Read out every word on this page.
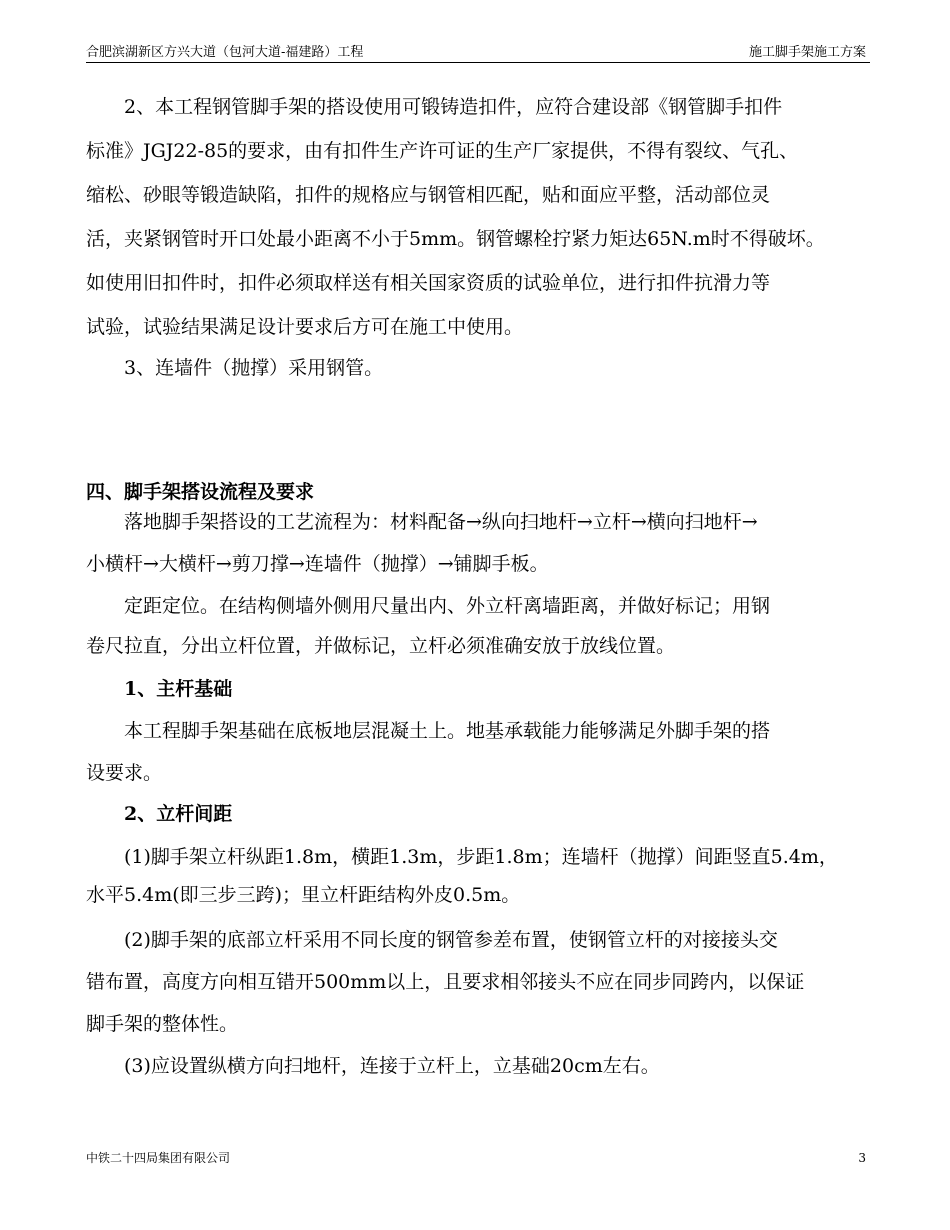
合肥滨湖新区方兴大道（包河大道-福建路）工程	施工脚手架施工方案
　　2、本工程钢管脚手架的搭设使用可锻铸造扣件，应符合建设部《钢管脚手扣件
标准》JGJ22-85的要求，由有扣件生产许可证的生产厂家提供，不得有裂纹、气孔、
缩松、砂眼等锻造缺陷，扣件的规格应与钢管相匹配，贴和面应平整，活动部位灵
活，夹紧钢管时开口处最小距离不小于5mm。钢管螺栓拧紧力矩达65N.m时不得破坏。
如使用旧扣件时，扣件必须取样送有相关国家资质的试验单位，进行扣件抗滑力等
试验，试验结果满足设计要求后方可在施工中使用。
　　3、连墙件（抛撑）采用钢管。
四、脚手架搭设流程及要求
　　落地脚手架搭设的工艺流程为：材料配备→纵向扫地杆→立杆→横向扫地杆→
小横杆→大横杆→剪刀撑→连墙件（抛撑）→铺脚手板。
　　定距定位。在结构侧墙外侧用尺量出内、外立杆离墙距离，并做好标记；用钢
卷尺拉直，分出立杆位置，并做标记，立杆必须准确安放于放线位置。
　　1、主杆基础
　　本工程脚手架基础在底板地层混凝土上。地基承载能力能够满足外脚手架的搭
设要求。
　　2、立杆间距
　　(1)脚手架立杆纵距1.8m，横距1.3m，步距1.8m；连墙杆（抛撑）间距竖直5.4m，
水平5.4m(即三步三跨)；里立杆距结构外皮0.5m。
　　(2)脚手架的底部立杆采用不同长度的钢管参差布置，使钢管立杆的对接接头交
错布置，高度方向相互错开500mm以上，且要求相邻接头不应在同步同跨内，以保证
脚手架的整体性。
　　(3)应设置纵横方向扫地杆，连接于立杆上，立基础20cm左右。
中铁二十四局集团有限公司	3
